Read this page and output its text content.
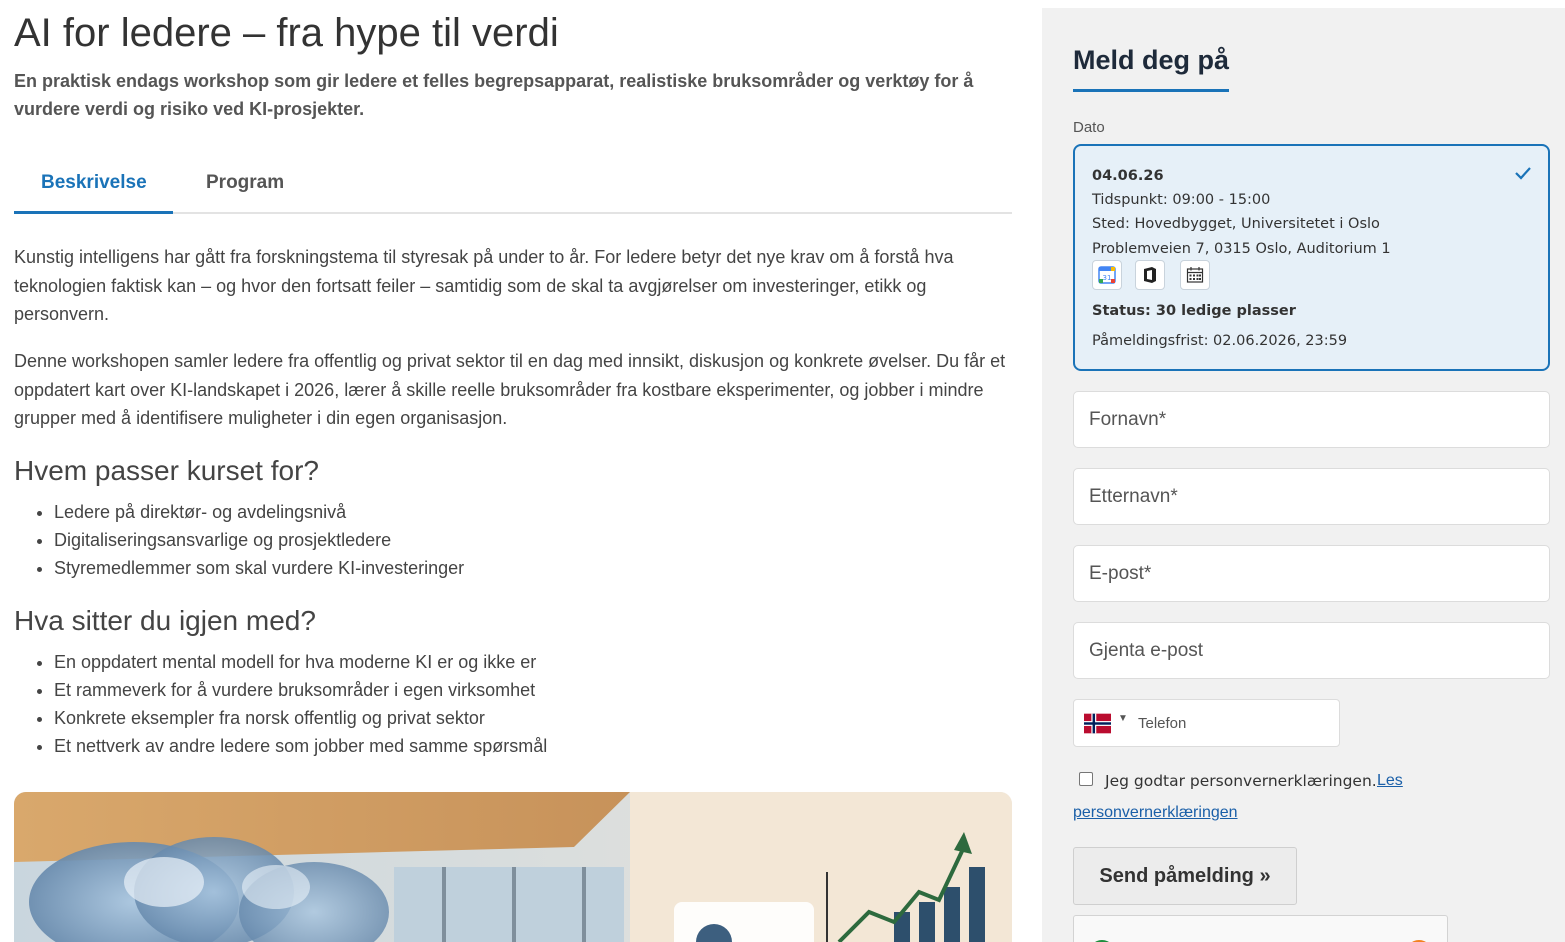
AI for ledere – fra hype til verdi

En praktisk endags workshop som gir ledere et felles begrepsapparat, realistiske bruksområder og verktøy for å vurdere verdi og risiko ved KI-prosjekter.

Beskrivelse	Program

Kunstig intelligens har gått fra forskningstema til styresak på under to år. For ledere betyr det nye krav om å forstå hva teknologien faktisk kan – og hvor den fortsatt feiler – samtidig som de skal ta avgjørelser om investeringer, etikk og personvern.

Denne workshopen samler ledere fra offentlig og privat sektor til en dag med innsikt, diskusjon og konkrete øvelser. Du får et oppdatert kart over KI-landskapet i 2026, lærer å skille reelle bruksområder fra kostbare eksperimenter, og jobber i mindre grupper med å identifisere muligheter i din egen organisasjon.

Hvem passer kurset for?
• Ledere på direktør- og avdelingsnivå
• Digitaliseringsansvarlige og prosjektledere
• Styremedlemmer som skal vurdere KI-investeringer
Hva sitter du igjen med?
• En oppdatert mental modell for hva moderne KI er og ikke er
• Et rammeverk for å vurdere bruksområder i egen virksomhet
• Konkrete eksempler fra norsk offentlig og privat sektor
• Et nettverk av andre ledere som jobber med samme spørsmål
Meld deg på
Dato
04.06.26
Tidspunkt: 09:00 - 15:00
Sted: Hovedbygget, Universitetet i Oslo
Problemveien 7, 0315 Oslo, Auditorium 1
31
Status: 30 ledige plasser
Påmeldingsfrist: 02.06.2026, 23:59
Fornavn*
Etternavn*
E-post*
Gjenta e-post
▼
Telefon
Jeg godtar personvernerklæringen. Les
personvernerklæringen
Send påmelding »
